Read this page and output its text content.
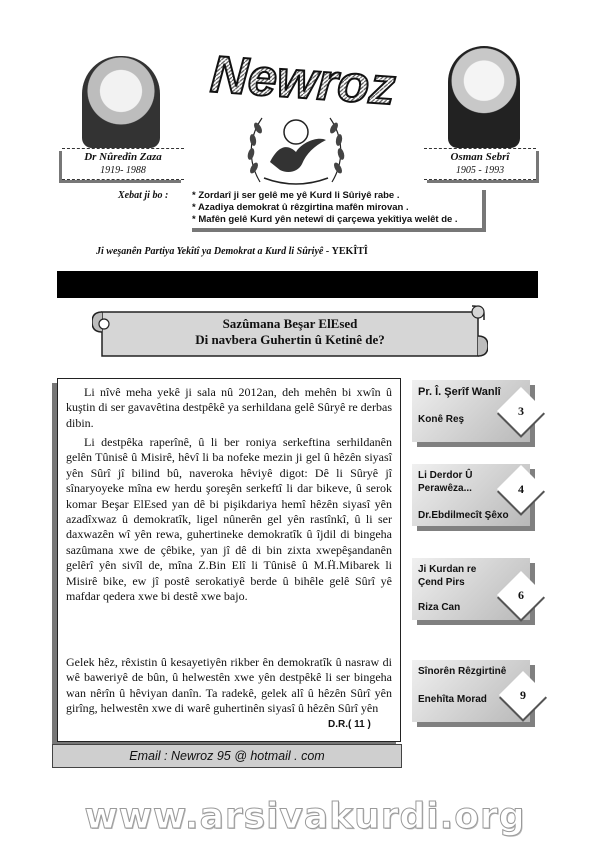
Newroz
Dr Nûredîn Zaza
1919- 1988
Osman Sebrî
1905 - 1993
Xebat ji bo : * Zordarî ji ser gelê me yê Kurd li Sûriyê rabe .
* Azadiya demokrat û rêzgirtina mafên mirovan .
* Mafên gelê Kurd yên netewî di çarçewa yekîtiya welêt de .
Ji weşanên Partiya Yekîtî ya Demokrat a Kurd li Sûriyê - YEKÎTÎ
Sazûmana Beşar ElEsed
Di navbera Guhertin û Ketinê de?

Li nîvê meha yekê ji sala nû 2012an, deh mehên bi xwîn û kuştin di ser gavavêtina destpêkê ya serhildana gelê Sûryê re derbas dibin.

Li destpêka raperînê, û li ber roniya serkeftina serhildanên gelên Tûnisê û Misirê, hêvî li ba nofeke mezin ji gel û hêzên siyasî yên Sûrî jî bilind bû, naveroka hêviyê digot: Dê li Sûryê jî sînaryoyeke mîna ew herdu şoreşên serkeftî li dar bikeve, û serok komar Beşar ElEsed yan dê bi pişikdariya hemî hêzên siyasî yên azadîxwaz û demokratîk, ligel nûnerên gel yên rastînkî, û li ser daxwazên wî yên rewa, guhertineke demokratîk û îjdil di bingeha sazûmana xwe de çêbike, yan jî dê di bin zixta xwepêşandanên gelêrî yên sivîl de, mîna Z.Bin Elî li Tûnisê û M.Ḧ.Mibarek li Misirê bike, ew jî postê serokatiyê berde û bihêle gelê Sûrî yê mafdar qedera xwe bi destê xwe bajo.

Gelek hêz, rêxistin û kesayetiyên rikber ên demokratîk û nasraw di wê baweriyê de bûn, û helwestên xwe yên destpêkê li ser bingeha wan nêrîn û hêviyan danîn. Ta radekê, gelek alî û hêzên Sûrî yên girîng, helwestên xwe di warê guhertinên siyasî û hêzên Sûrî yên

D.R.( 11 )
Email : Newroz 95 @ hotmail . com
Pr. Î. Şerîf Wanlî
Konê Reş
3
Li Derdor Û
Perawêza...
Dr.Ebdilmecît Şêxo
4
Ji Kurdan re
Çend Pirs
Riza Can
6
Sînorên Rêzgirtinê
Enehîta Morad	9
www.arsivakurdi.org
